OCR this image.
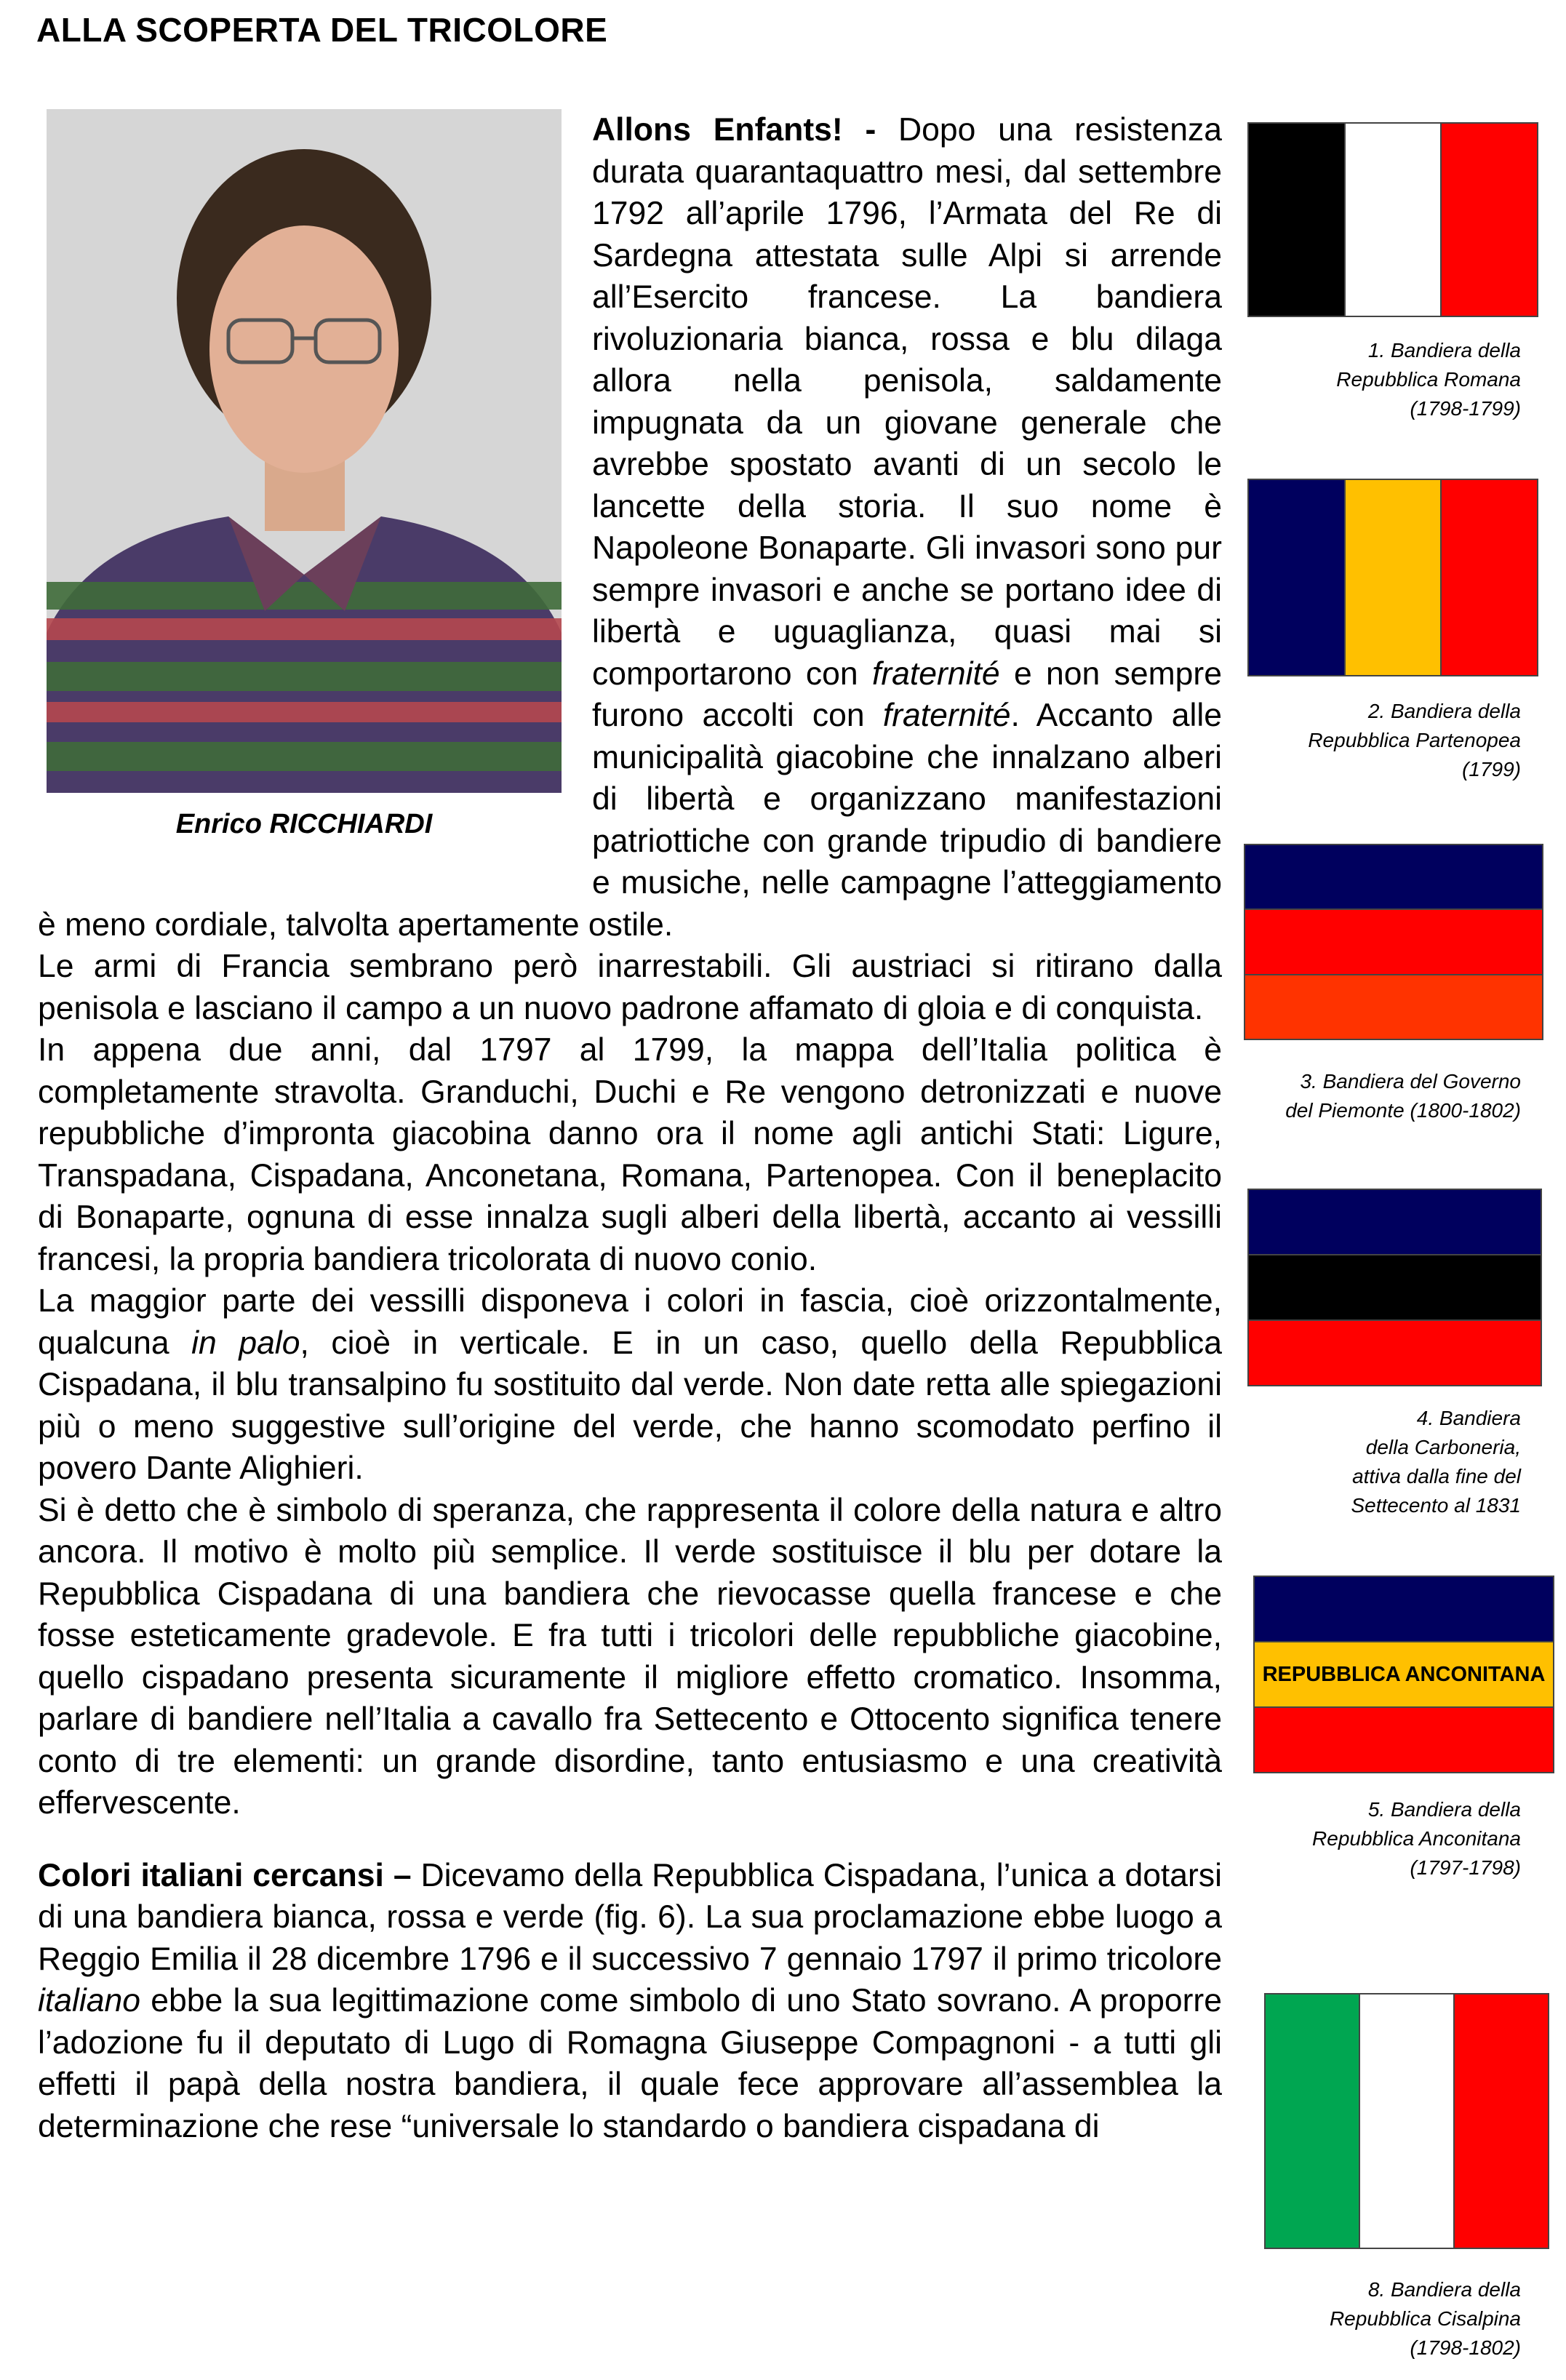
ALLA SCOPERTA DEL TRICOLORE
Enrico RICCHIARDI

Allons Enfants! - Dopo una resistenza durata quarantaquattro mesi, dal settembre 1792 all’aprile 1796, l’Armata del Re di Sardegna attestata sulle Alpi si arrende all’Esercito francese. La bandiera rivoluzionaria bianca, rossa e blu dilaga allora nella penisola, saldamente impugnata da un giovane generale che avrebbe spostato avanti di un secolo le lancette della storia. Il suo nome è Napoleone Bonaparte. Gli invasori sono pur sempre invasori e anche se portano idee di libertà e uguaglianza, quasi mai si comportarono con fraternité e non sempre furono accolti con fraternité. Accanto alle municipalità giacobine che innalzano alberi di libertà e organizzano manifestazioni patriottiche con grande tripudio di bandiere e musiche, nelle campagne l’atteggiamento è meno cordiale, talvolta apertamente ostile.

Le armi di Francia sembrano però inarrestabili. Gli austriaci si ritirano dalla penisola e lasciano il campo a un nuovo padrone affamato di gloia e di conquista.

In appena due anni, dal 1797 al 1799, la mappa dell’Italia politica è completamente stravolta. Granduchi, Duchi e Re vengono detronizzati e nuove repubbliche d’impronta giacobina danno ora il nome agli antichi Stati: Ligure, Transpadana, Cispadana, Anconetana, Romana, Partenopea. Con il beneplacito di Bonaparte, ognuna di esse innalza sugli alberi della libertà, accanto ai vessilli francesi, la propria bandiera tricolorata di nuovo conio.

La maggior parte dei vessilli disponeva i colori in fascia, cioè orizzontalmente, qualcuna in palo, cioè in verticale. E in un caso, quello della Repubblica Cispadana, il blu transalpino fu sostituito dal verde. Non date retta alle spiegazioni più o meno suggestive sull’origine del verde, che hanno scomodato perfino il povero Dante Alighieri.

Si è detto che è simbolo di speranza, che rappresenta il colore della natura e altro ancora. Il motivo è molto più semplice. Il verde sostituisce il blu per dotare la Repubblica Cispadana di una bandiera che rievocasse quella francese e che fosse esteticamente gradevole. E fra tutti i tricolori delle repubbliche giacobine, quello cispadano presenta sicuramente il migliore effetto cromatico. Insomma, parlare di bandiere nell’Italia a cavallo fra Settecento e Ottocento significa tenere conto di tre elementi: un grande disordine, tanto entusiasmo e una creatività effervescente.

Colori italiani cercansi – Dicevamo della Repubblica Cispadana, l’unica a dotarsi di una bandiera bianca, rossa e verde (fig. 6). La sua proclamazione ebbe luogo a Reggio Emilia il 28 dicembre 1796 e il successivo 7 gennaio 1797 il primo tricolore italiano ebbe la sua legittimazione come simbolo di uno Stato sovrano. A proporre l’adozione fu il deputato di Lugo di Romagna Giuseppe Compagnoni - a tutti gli effetti il papà della nostra bandiera, il quale fece approvare all’assemblea la determinazione che rese “universale lo standardo o bandiera cispadana di

1. Bandiera della
Repubblica Romana
(1798-1799)
2. Bandiera della
Repubblica Partenopea
(1799)
3. Bandiera del Governo
del Piemonte (1800-1802)
4. Bandiera
della Carboneria,
attiva dalla fine del
Settecento al 1831
REPUBBLICA ANCONITANA
5. Bandiera della
Repubblica Anconitana
(1797-1798)
8. Bandiera della
Repubblica Cisalpina
(1798-1802)
